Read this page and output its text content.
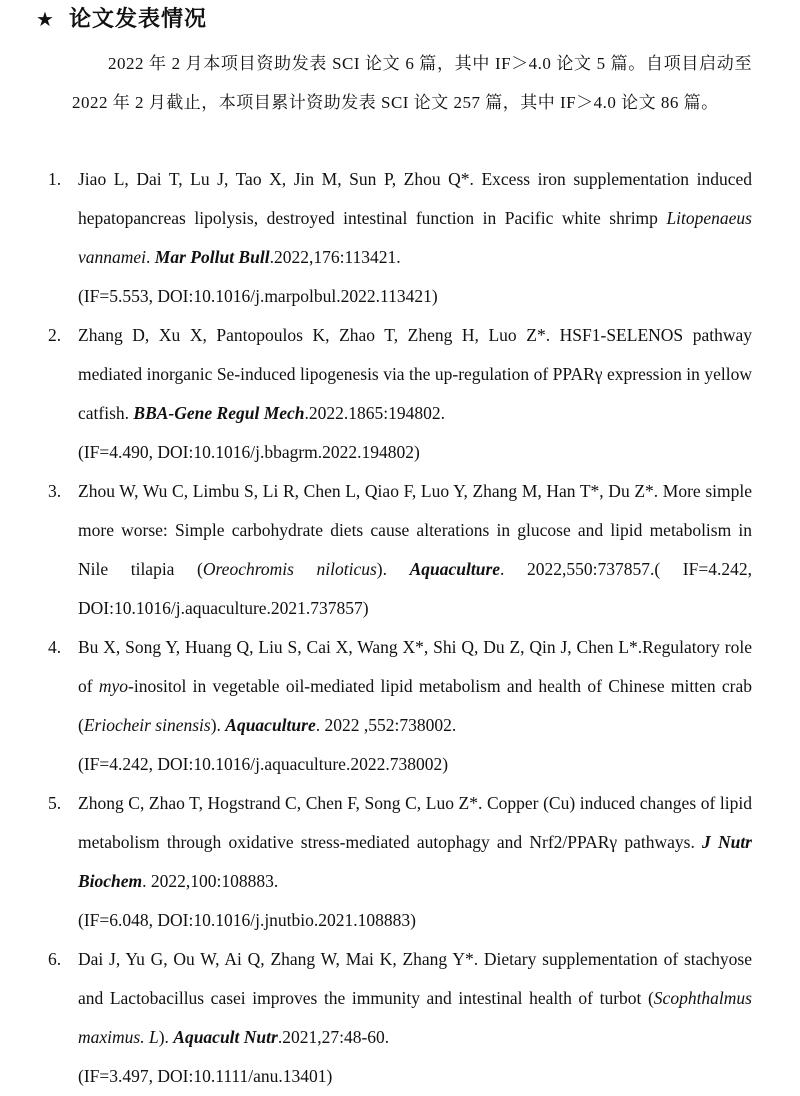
★ 论文发表情况
2022 年 2 月本项目资助发表 SCI 论文 6 篇，其中 IF＞4.0 论文 5 篇。自项目启动至 2022 年 2 月截止，本项目累计资助发表 SCI 论文 257 篇，其中 IF＞4.0 论文 86 篇。
1. Jiao L, Dai T, Lu J, Tao X, Jin M, Sun P, Zhou Q*. Excess iron supplementation induced hepatopancreas lipolysis, destroyed intestinal function in Pacific white shrimp Litopenaeus vannamei. Mar Pollut Bull.2022,176:113421.
(IF=5.553, DOI:10.1016/j.marpolbul.2022.113421)
2. Zhang D, Xu X, Pantopoulos K, Zhao T, Zheng H, Luo Z*. HSF1-SELENOS pathway mediated inorganic Se-induced lipogenesis via the up-regulation of PPARγ expression in yellow catfish. BBA-Gene Regul Mech.2022.1865:194802.
(IF=4.490, DOI:10.1016/j.bbagrm.2022.194802)
3. Zhou W, Wu C, Limbu S, Li R, Chen L, Qiao F, Luo Y, Zhang M, Han T*, Du Z*. More simple more worse: Simple carbohydrate diets cause alterations in glucose and lipid metabolism in Nile tilapia (Oreochromis niloticus). Aquaculture. 2022,550:737857.( IF=4.242, DOI:10.1016/j.aquaculture.2021.737857)
4. Bu X, Song Y, Huang Q, Liu S, Cai X, Wang X*, Shi Q, Du Z, Qin J, Chen L*.Regulatory role of myo-inositol in vegetable oil-mediated lipid metabolism and health of Chinese mitten crab (Eriocheir sinensis). Aquaculture. 2022 ,552:738002.
(IF=4.242, DOI:10.1016/j.aquaculture.2022.738002)
5. Zhong C, Zhao T, Hogstrand C, Chen F, Song C, Luo Z*. Copper (Cu) induced changes of lipid metabolism through oxidative stress-mediated autophagy and Nrf2/PPARγ pathways. J Nutr Biochem. 2022,100:108883.
(IF=6.048, DOI:10.1016/j.jnutbio.2021.108883)
6. Dai J, Yu G, Ou W, Ai Q, Zhang W, Mai K, Zhang Y*. Dietary supplementation of stachyose and Lactobacillus casei improves the immunity and intestinal health of turbot (Scophthalmus maximus. L). Aquacult Nutr.2021,27:48-60.
(IF=3.497, DOI:10.1111/anu.13401)
